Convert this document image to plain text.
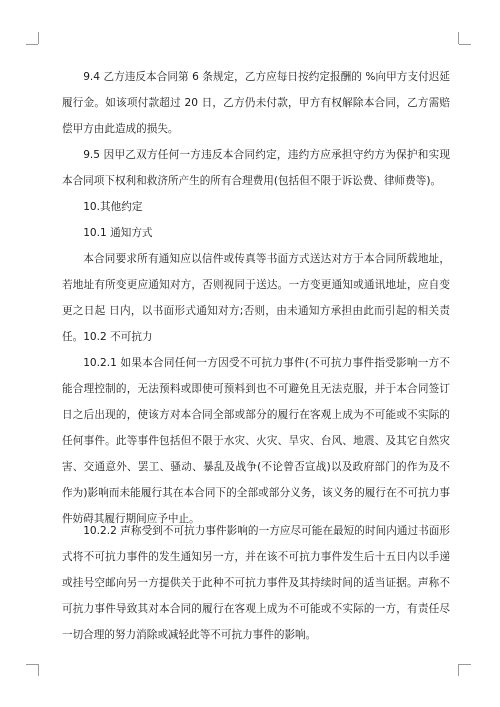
9.4 乙方违反本合同第 6 条规定，乙方应每日按约定报酬的 %向甲方支付迟延履行金。如该项付款超过 20 日，乙方仍未付款，甲方有权解除本合同，乙方需赔偿甲方由此造成的损失。

9.5 因甲乙双方任何一方违反本合同约定，违约方应承担守约方为保护和实现本合同项下权利和救济所产生的所有合理费用(包括但不限于诉讼费、律师费等)。

10.其他约定

10.1 通知方式

本合同要求所有通知应以信件或传真等书面方式送达对方于本合同所载地址，若地址有所变更应通知对方，否则视同于送达。一方变更通知或通讯地址，应自变更之日起 日内，以书面形式通知对方;否则，由未通知方承担由此而引起的相关责任。 10.2 不可抗力

10.2.1 如果本合同任何一方因受不可抗力事件(不可抗力事件指受影响一方不能合理控制的，无法预料或即使可预料到也不可避免且无法克服，并于本合同签订日之后出现的，使该方对本合同全部或部分的履行在客观上成为不可能或不实际的任何事件。此等事件包括但不限于水灾、火灾、旱灾、台风、地震、及其它自然灾害、交通意外、罢工、骚动、暴乱及战争(不论曾否宣战)以及政府部门的作为及不作为)影响而未能履行其在本合同下的全部或部分义务，该义务的履行在不可抗力事件妨碍其履行期间应予中止。

10.2.2 声称受到不可抗力事件影响的一方应尽可能在最短的时间内通过书面形式将不可抗力事件的发生通知另一方，并在该不可抗力事件发生后十五日内以手递或挂号空邮向另一方提供关于此种不可抗力事件及其持续时间的适当证据。声称不可抗力事件导致其对本合同的履行在客观上成为不可能或不实际的一方，有责任尽一切合理的努力消除或减轻此等不可抗力事件的影响。
